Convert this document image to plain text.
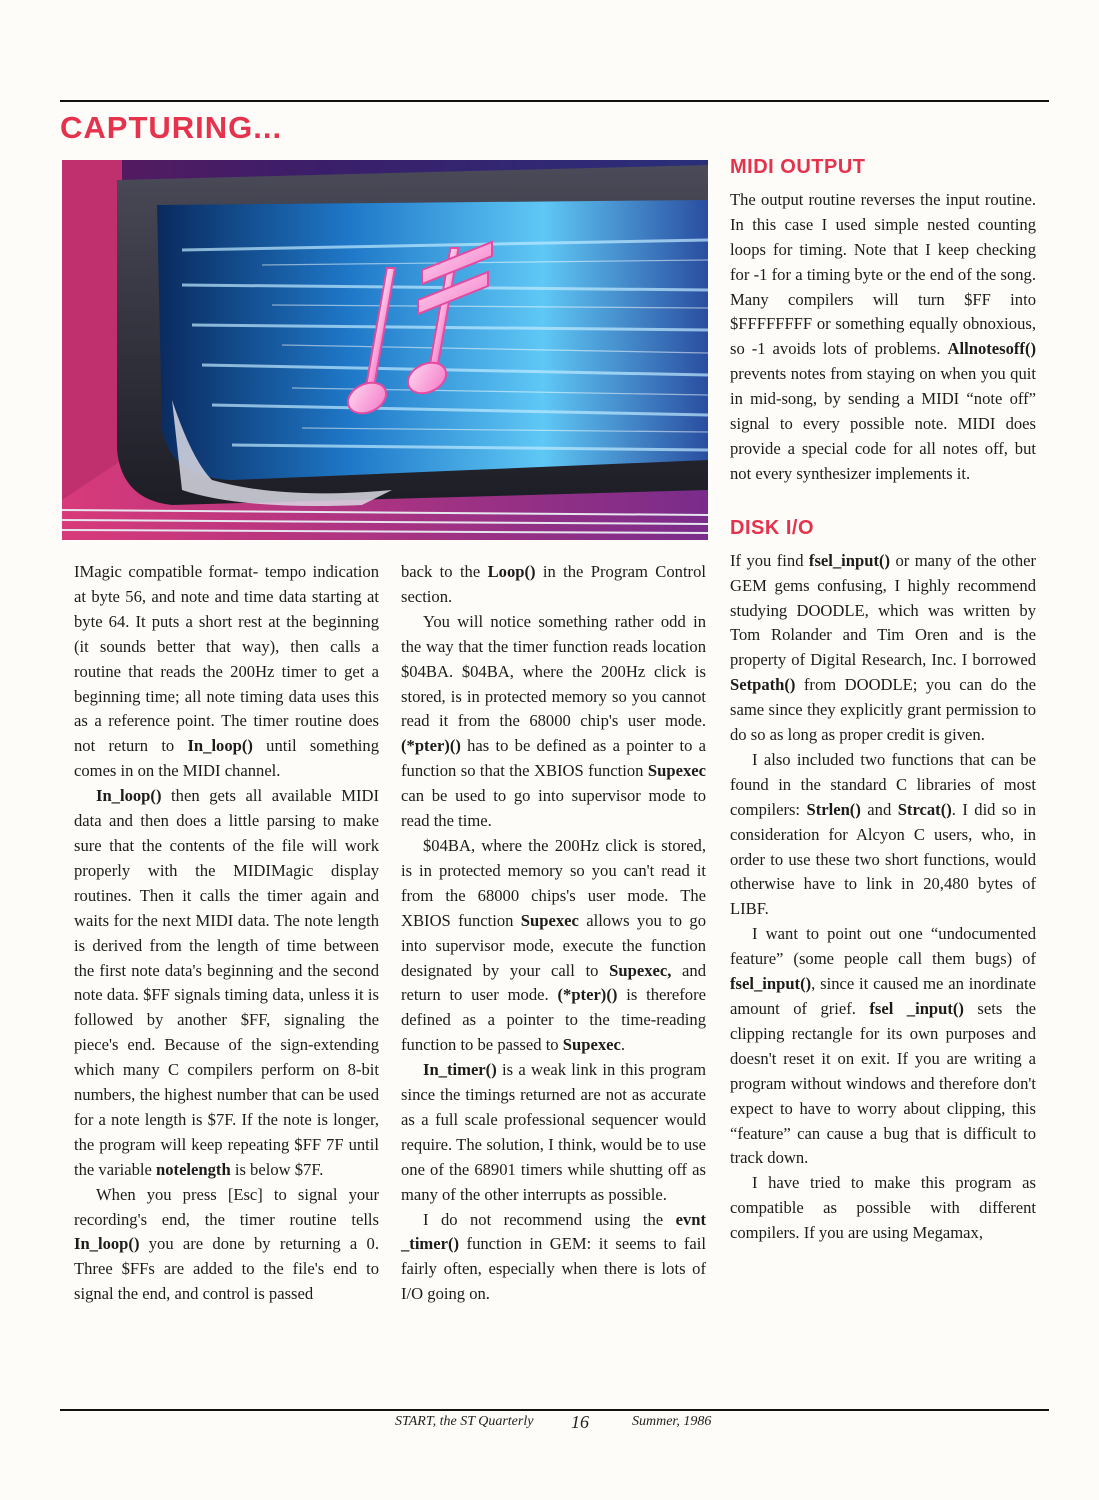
CAPTURING...

IMagic compatible format- tempo indication at byte 56, and note and time data starting at byte 64. It puts a short rest at the beginning (it sounds better that way), then calls a routine that reads the 200Hz timer to get a beginning time; all note timing data uses this as a reference point. The timer routine does not return to In_loop() until something comes in on the MIDI channel.

In_loop() then gets all available MIDI data and then does a little parsing to make sure that the contents of the file will work properly with the MIDIMagic display routines. Then it calls the timer again and waits for the next MIDI data. The note length is derived from the length of time between the first note data's beginning and the second note data. $FF signals timing data, unless it is followed by another $FF, signaling the piece's end. Because of the sign-extending which many C compilers perform on 8-bit numbers, the highest number that can be used for a note length is $7F. If the note is longer, the program will keep repeating $FF 7F until the variable notelength is below $7F.

When you press [Esc] to signal your recording's end, the timer routine tells In_loop() you are done by returning a 0. Three $FFs are added to the file's end to signal the end, and control is passed

back to the Loop() in the Program Control section.

You will notice something rather odd in the way that the timer function reads location $04BA. $04BA, where the 200Hz click is stored, is in protected memory so you cannot read it from the 68000 chip's user mode. (*pter)() has to be defined as a pointer to a function so that the XBIOS function Supexec can be used to go into supervisor mode to read the time.

$04BA, where the 200Hz click is stored, is in protected memory so you can't read it from the 68000 chips's user mode. The XBIOS function Supexec allows you to go into supervisor mode, execute the function designated by your call to Supexec, and return to user mode. (*pter)() is therefore defined as a pointer to the time-reading function to be passed to Supexec.

In_timer() is a weak link in this program since the timings returned are not as accurate as a full scale professional sequencer would require. The solution, I think, would be to use one of the 68901 timers while shutting off as many of the other interrupts as possible.

I do not recommend using the evnt _timer() function in GEM: it seems to fail fairly often, especially when there is lots of I/O going on.

MIDI OUTPUT

The output routine reverses the input routine. In this case I used simple nested counting loops for timing. Note that I keep checking for -1 for a timing byte or the end of the song. Many compilers will turn $FF into $FFFFFFFF or something equally obnoxious, so -1 avoids lots of problems. Allnotesoff() prevents notes from staying on when you quit in mid-song, by sending a MIDI “note off” signal to every possible note. MIDI does provide a special code for all notes off, but not every synthesizer implements it.

DISK I/O

If you find fsel_input() or many of the other GEM gems confusing, I highly recommend studying DOODLE, which was written by Tom Rolander and Tim Oren and is the property of Digital Research, Inc. I borrowed Setpath() from DOODLE; you can do the same since they explicitly grant permission to do so as long as proper credit is given.

I also included two functions that can be found in the standard C libraries of most compilers: Strlen() and Strcat(). I did so in consideration for Alcyon C users, who, in order to use these two short functions, would otherwise have to link in 20,480 bytes of LIBF.

I want to point out one “undocumented feature” (some people call them bugs) of fsel_input(), since it caused me an inordinate amount of grief. fsel _input() sets the clipping rectangle for its own purposes and doesn't reset it on exit. If you are writing a program without windows and therefore don't expect to have to worry about clipping, this “feature” can cause a bug that is difficult to track down.

I have tried to make this program as compatible as possible with different compilers. If you are using Megamax,

START, the ST Quarterly 16	Summer, 1986
